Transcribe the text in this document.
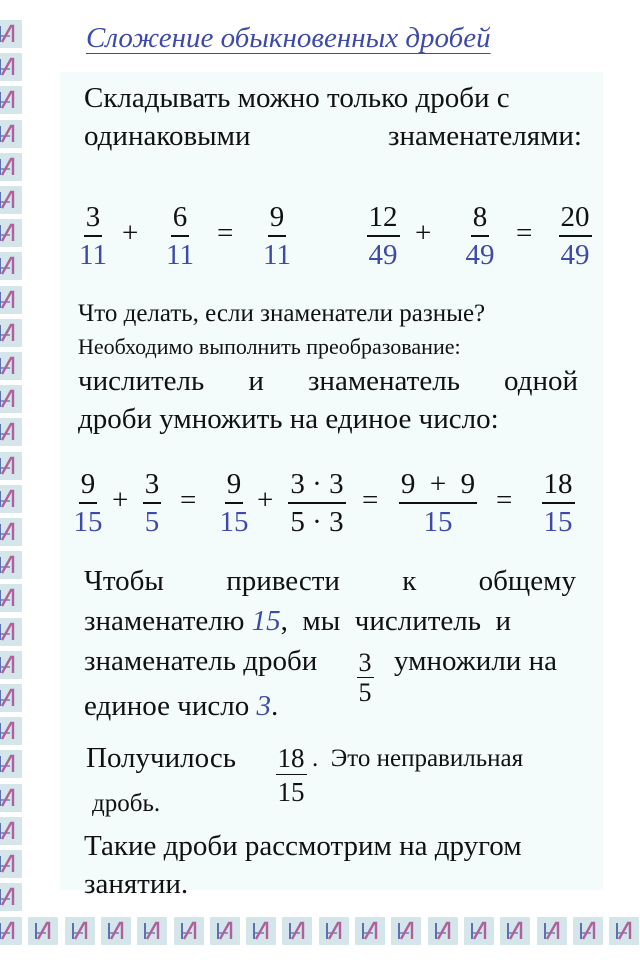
Сложение обыкновенных дробей
Складывать можно только дроби с
одинаковыми	знаменателями:
$\frac{3}{11} + \frac{6}{11} = \frac{9}{11} \frac{12}{49} + \frac{8}{49} = \frac{20}{49}$
Что делать, если знаменатели разные?
Необходимо выполнить преобразование:
числитель и знаменатель одной
дроби умножить на единое число:
$\frac{9}{15} + \frac{3}{5} = \frac{9}{15} + \frac{3 \cdot 3}{5 \cdot 3} = \frac{9 + 9}{15} = \frac{18}{15}$
Чтобы привести к общему
знаменателю 15,  мы  числитель  и
знаменатель дроби $\frac{3}{5}$ умножили на
единое число 3.
Получилось $\frac{18}{15}$ .  Это неправильная
дробь.
Такие дроби рассмотрим на другом
занятии.
